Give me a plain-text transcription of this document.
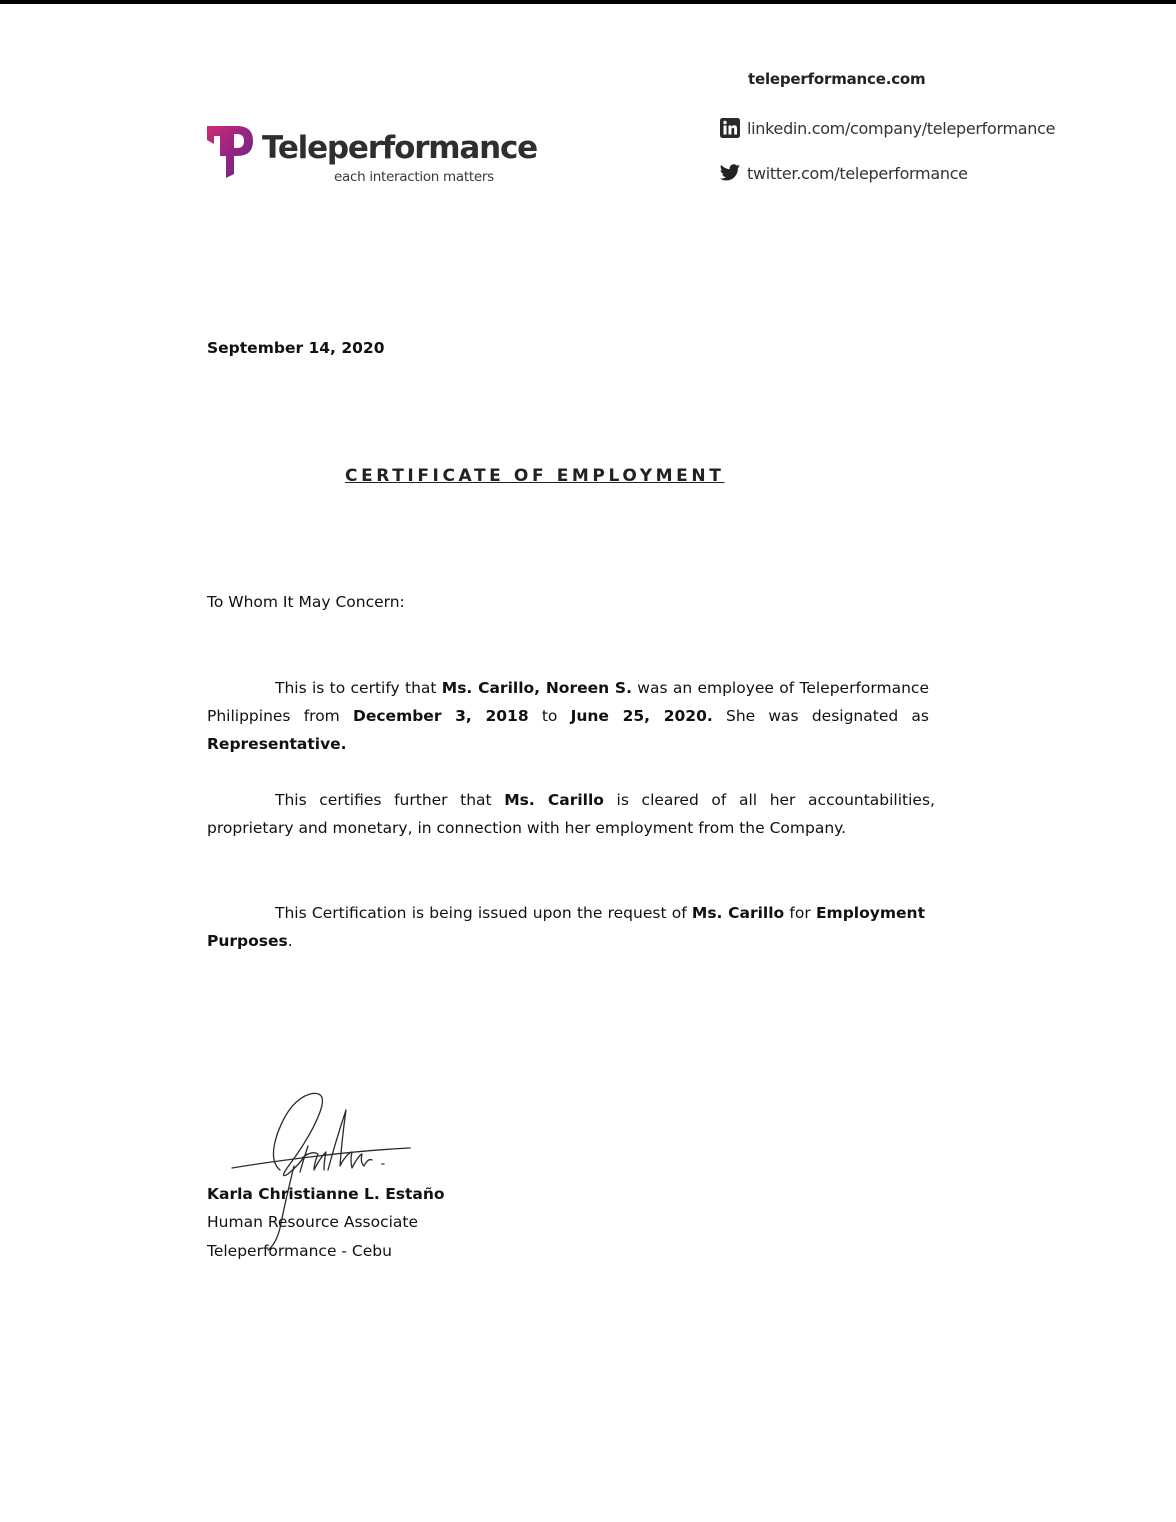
Teleperformance
each interaction matters
teleperformance.com
linkedin.com/company/teleperformance
twitter.com/teleperformance
September 14, 2020
CERTIFICATE OF EMPLOYMENT
To Whom It May Concern:

This is to certify that Ms. Carillo, Noreen S. was an employee of Teleperformance Philippines from December 3, 2018 to June 25, 2020. She was designated as Representative.

This certifies further that Ms. Carillo is cleared of all her accountabilities, proprietary and monetary, in connection with her employment from the Company.

This Certification is being issued upon the request of Ms. Carillo for Employment Purposes.

Karla Christianne L. Estaño
Human Resource Associate
Teleperformance - Cebu
